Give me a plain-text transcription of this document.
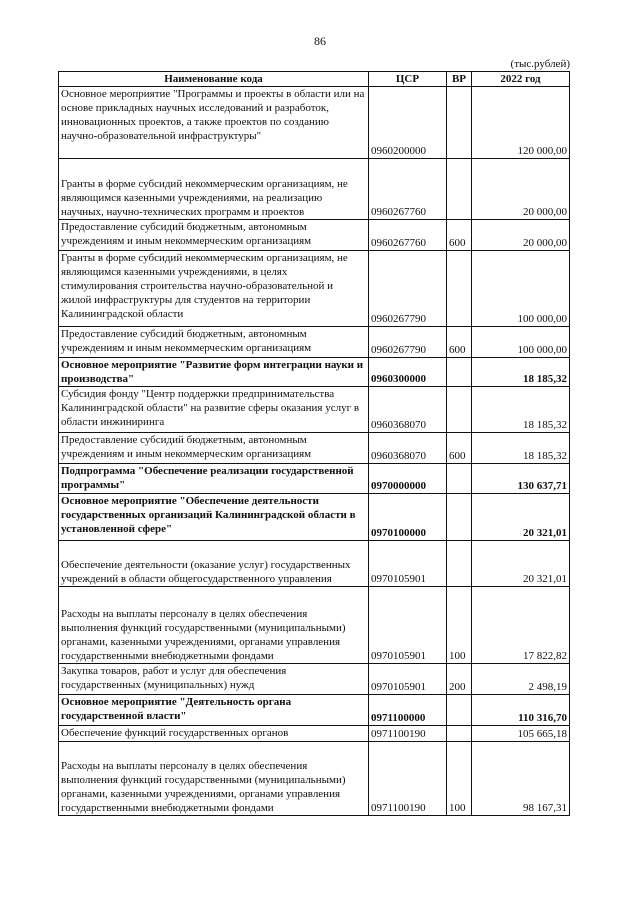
86
(тыс.рублей)
Наименование кода	ЦСР	ВР	2022 год
Основное мероприятие "Программы и проекты в области или на основе прикладных научных исследований и разработок, инновационных проектов, а также проектов по созданию научно-образовательной инфраструктуры"	0960200000		120 000,00
Гранты в форме субсидий некоммерческим организациям, не являющимся казенными учреждениями, на реализацию научных, научно-технических программ и проектов	0960267760		20 000,00
Предоставление субсидий бюджетным, автономным учреждениям и иным некоммерческим организациям	0960267760	600	20 000,00
Гранты в форме субсидий некоммерческим организациям, не являющимся казенными учреждениями, в целях стимулирования строительства научно-образовательной и жилой инфраструктуры для студентов на территории Калининградской области	0960267790		100 000,00
Предоставление субсидий бюджетным, автономным учреждениям и иным некоммерческим организациям	0960267790	600	100 000,00
Основное мероприятие "Развитие форм интеграции науки и производства"	0960300000		18 185,32
Субсидия фонду "Центр поддержки предпринимательства Калининградской области" на развитие сферы оказания услуг в области инжиниринга	0960368070		18 185,32
Предоставление субсидий бюджетным, автономным учреждениям и иным некоммерческим организациям	0960368070	600	18 185,32
Подпрограмма "Обеспечение реализации государственной программы"	0970000000		130 637,71
Основное мероприятие "Обеспечение деятельности государственных организаций Калининградской области в установленной сфере"	0970100000		20 321,01
Обеспечение деятельности (оказание услуг) государственных учреждений в области общегосударственного управления	0970105901		20 321,01
Расходы на выплаты персоналу в целях обеспечения выполнения функций государственными (муниципальными) органами, казенными учреждениями, органами управления государственными внебюджетными фондами	0970105901	100	17 822,82
Закупка товаров, работ и услуг для обеспечения государственных (муниципальных) нужд	0970105901	200	2 498,19
Основное мероприятие "Деятельность органа государственной власти"	0971100000		110 316,70
Обеспечение функций государственных органов	0971100190		105 665,18
Расходы на выплаты персоналу в целях обеспечения выполнения функций государственными (муниципальными) органами, казенными учреждениями, органами управления государственными внебюджетными фондами	0971100190	100	98 167,31
